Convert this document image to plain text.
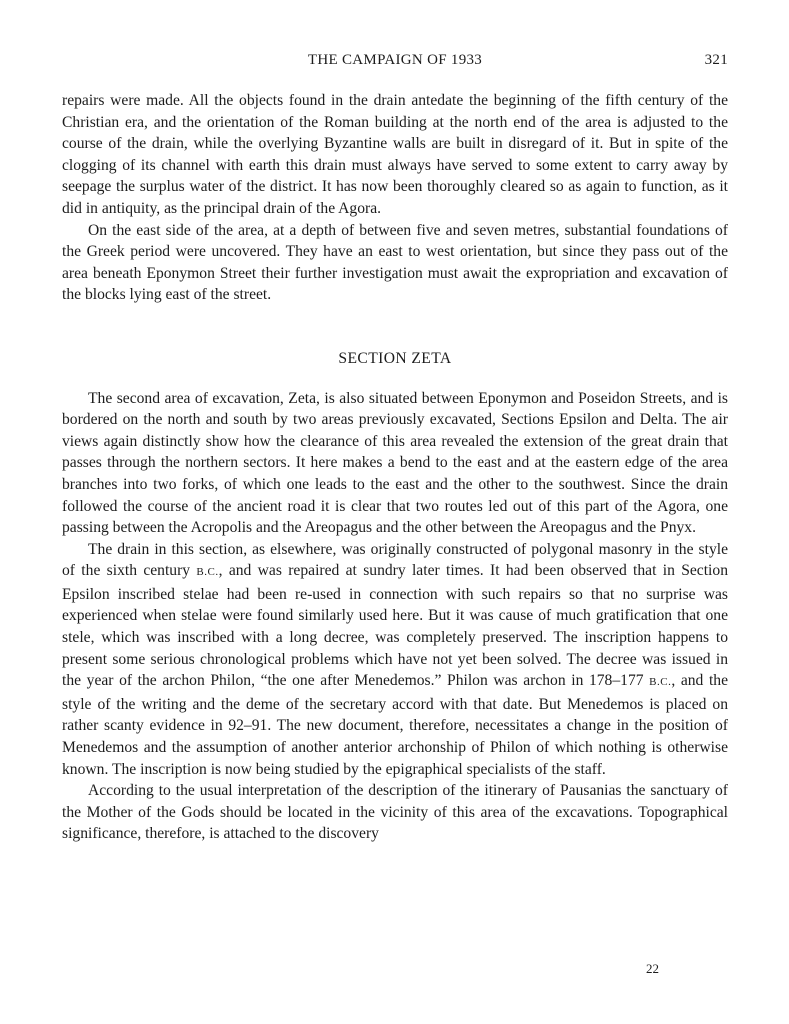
THE CAMPAIGN OF 1933	321

repairs were made. All the objects found in the drain antedate the beginning of the fifth century of the Christian era, and the orientation of the Roman building at the north end of the area is adjusted to the course of the drain, while the overlying Byzantine walls are built in disregard of it. But in spite of the clogging of its channel with earth this drain must always have served to some extent to carry away by seepage the surplus water of the district. It has now been thoroughly cleared so as again to function, as it did in antiquity, as the principal drain of the Agora.

On the east side of the area, at a depth of between five and seven metres, substantial foundations of the Greek period were uncovered. They have an east to west orientation, but since they pass out of the area beneath Eponymon Street their further investigation must await the expropriation and excavation of the blocks lying east of the street.

SECTION ZETA

The second area of excavation, Zeta, is also situated between Eponymon and Poseidon Streets, and is bordered on the north and south by two areas previously excavated, Sections Epsilon and Delta. The air views again distinctly show how the clearance of this area revealed the extension of the great drain that passes through the northern sectors. It here makes a bend to the east and at the eastern edge of the area branches into two forks, of which one leads to the east and the other to the southwest. Since the drain followed the course of the ancient road it is clear that two routes led out of this part of the Agora, one passing between the Acropolis and the Areopagus and the other between the Areopagus and the Pnyx.

The drain in this section, as elsewhere, was originally constructed of polygonal masonry in the style of the sixth century B.C., and was repaired at sundry later times. It had been observed that in Section Epsilon inscribed stelae had been re-used in connection with such repairs so that no surprise was experienced when stelae were found similarly used here. But it was cause of much gratification that one stele, which was inscribed with a long decree, was completely preserved. The inscription happens to present some serious chronological problems which have not yet been solved. The decree was issued in the year of the archon Philon, “the one after Menedemos.” Philon was archon in 178–177 B.C., and the style of the writing and the deme of the secretary accord with that date. But Menedemos is placed on rather scanty evidence in 92–91. The new document, therefore, necessitates a change in the position of Menedemos and the assumption of another anterior archonship of Philon of which nothing is otherwise known. The inscription is now being studied by the epigraphical specialists of the staff.

According to the usual interpretation of the description of the itinerary of Pausanias the sanctuary of the Mother of the Gods should be located in the vicinity of this area of the excavations. Topographical significance, therefore, is attached to the discovery

22
